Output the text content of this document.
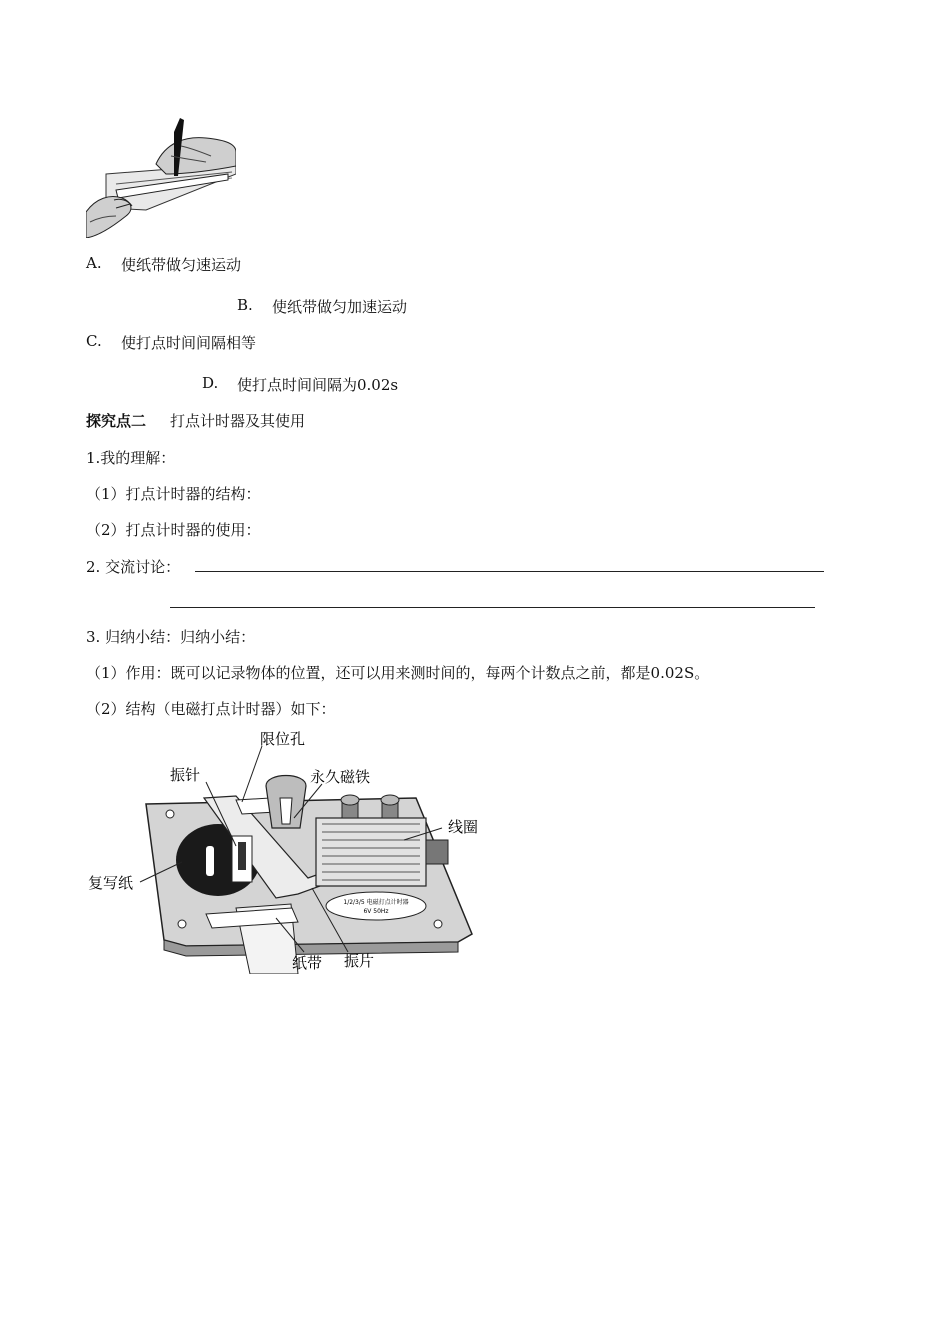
A. 使纸带做匀速运动
B. 使纸带做匀加速运动
C. 使打点时间间隔相等
D. 使打点时间间隔为0.02s
探究点二 打点计时器及其使用
1.我的理解：
（1）打点计时器的结构：
（2）打点计时器的使用：
2. 交流讨论：
3. 归纳小结：归纳小结：
（1）作用：既可以记录物体的位置，还可以用来测时间的，每两个计数点之前，都是0.02S。
（2）结构（电磁打点计时器）如下：
1/2/3/5 电磁打点计时器
6V 50Hz
限位孔
振针	永久磁铁
线圈
复写纸
纸带 振片
